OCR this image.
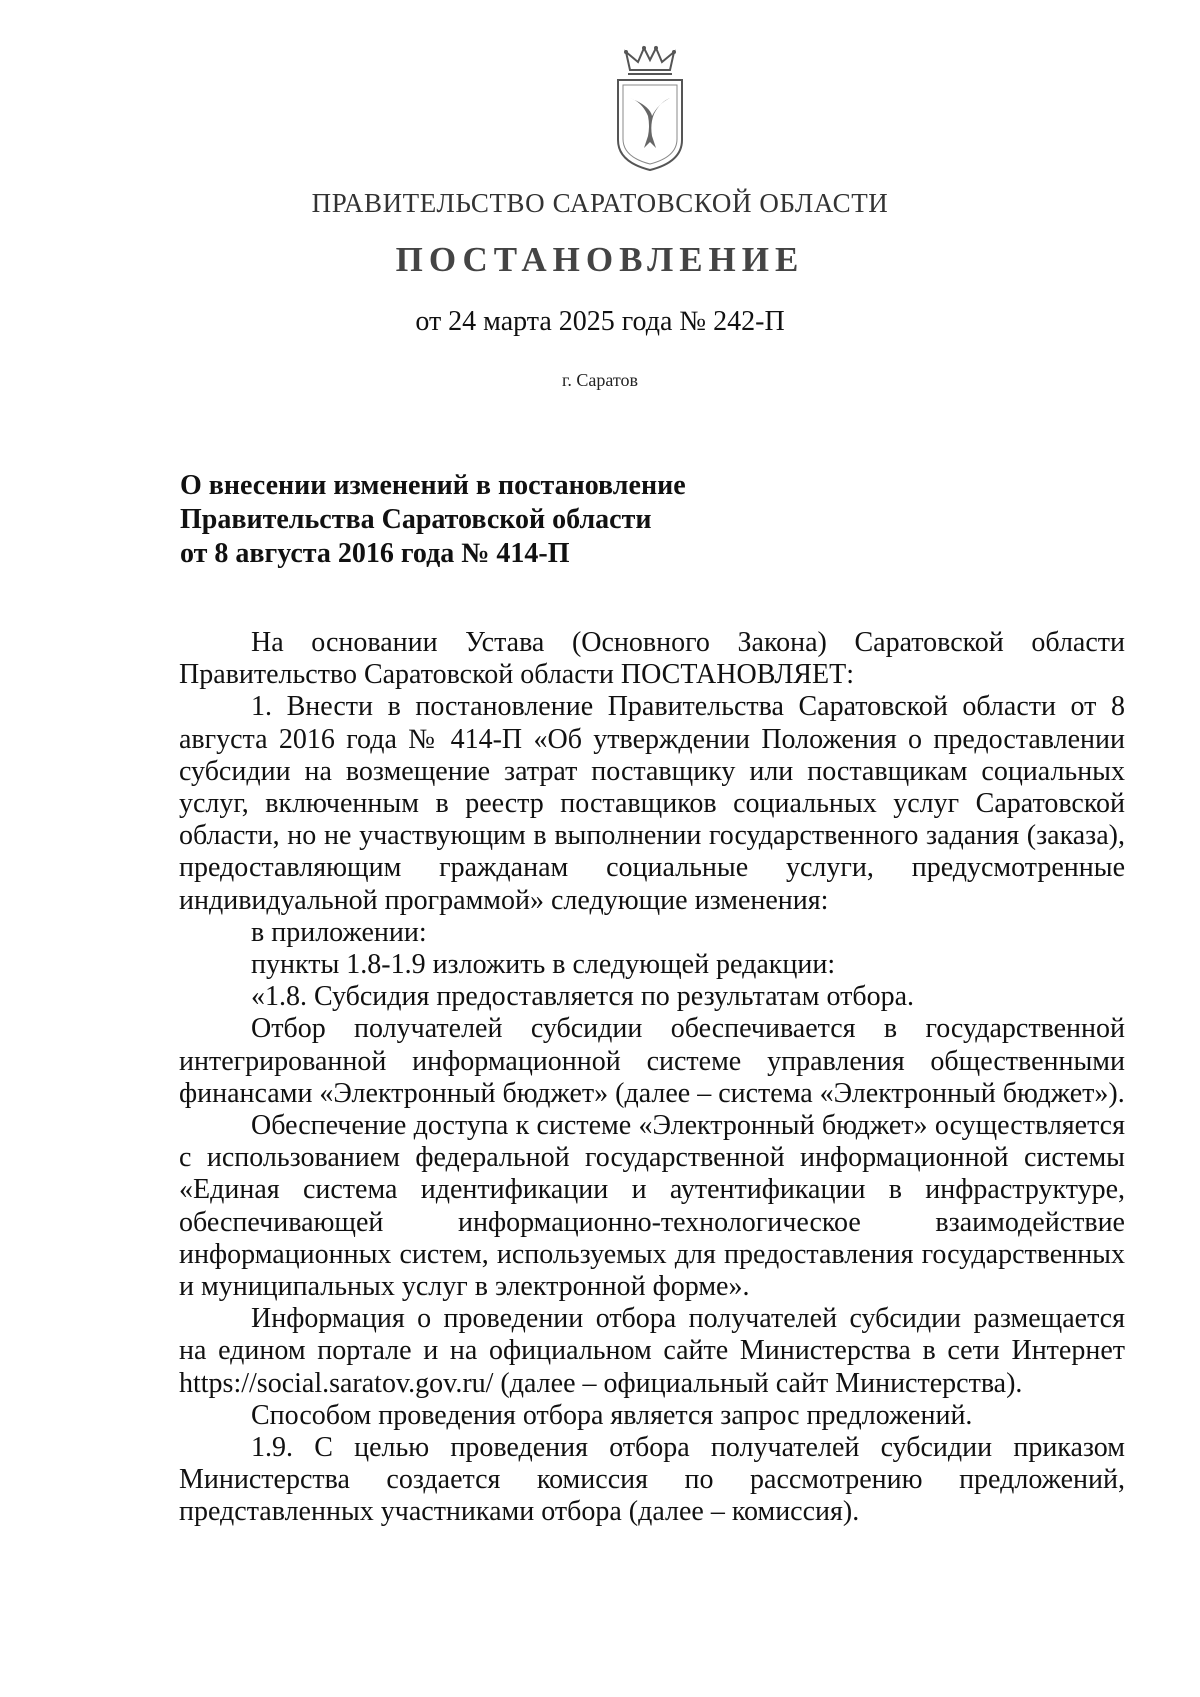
ПРАВИТЕЛЬСТВО САРАТОВСКОЙ ОБЛАСТИ
ПОСТАНОВЛЕНИЕ
от 24 марта 2025 года № 242-П
г. Саратов
О внесении изменений в постановление
Правительства Саратовской области
от 8 августа 2016 года № 414-П

На основании Устава (Основного Закона) Саратовской области Правительство Саратовской области ПОСТАНОВЛЯЕТ:

1. Внести в постановление Правительства Саратовской области от 8 августа 2016 года № 414-П «Об утверждении Положения о предоставлении субсидии на возмещение затрат поставщику или поставщикам социальных услуг, включенным в реестр поставщиков социальных услуг Саратовской области, но не участвующим в выполнении государственного задания (заказа), предоставляющим гражданам социальные услуги, предусмотренные индивидуальной программой» следующие изменения:

в приложении:

пункты 1.8-1.9 изложить в следующей редакции:

«1.8. Субсидия предоставляется по результатам отбора.

Отбор получателей субсидии обеспечивается в государственной интегрированной информационной системе управления общественными финансами «Электронный бюджет» (далее – система «Электронный бюджет»).

Обеспечение доступа к системе «Электронный бюджет» осуществляется с использованием федеральной государственной информационной системы «Единая система идентификации и аутентификации в инфраструктуре, обеспечивающей информационно-технологическое взаимодействие информационных систем, используемых для предоставления государственных и муниципальных услуг в электронной форме».

Информация о проведении отбора получателей субсидии размещается на едином портале и на официальном сайте Министерства в сети Интернет https://social.saratov.gov.ru/ (далее – официальный сайт Министерства).

Способом проведения отбора является запрос предложений.

1.9. С целью проведения отбора получателей субсидии приказом Министерства создается комиссия по рассмотрению предложений, представленных участниками отбора (далее – комиссия).
